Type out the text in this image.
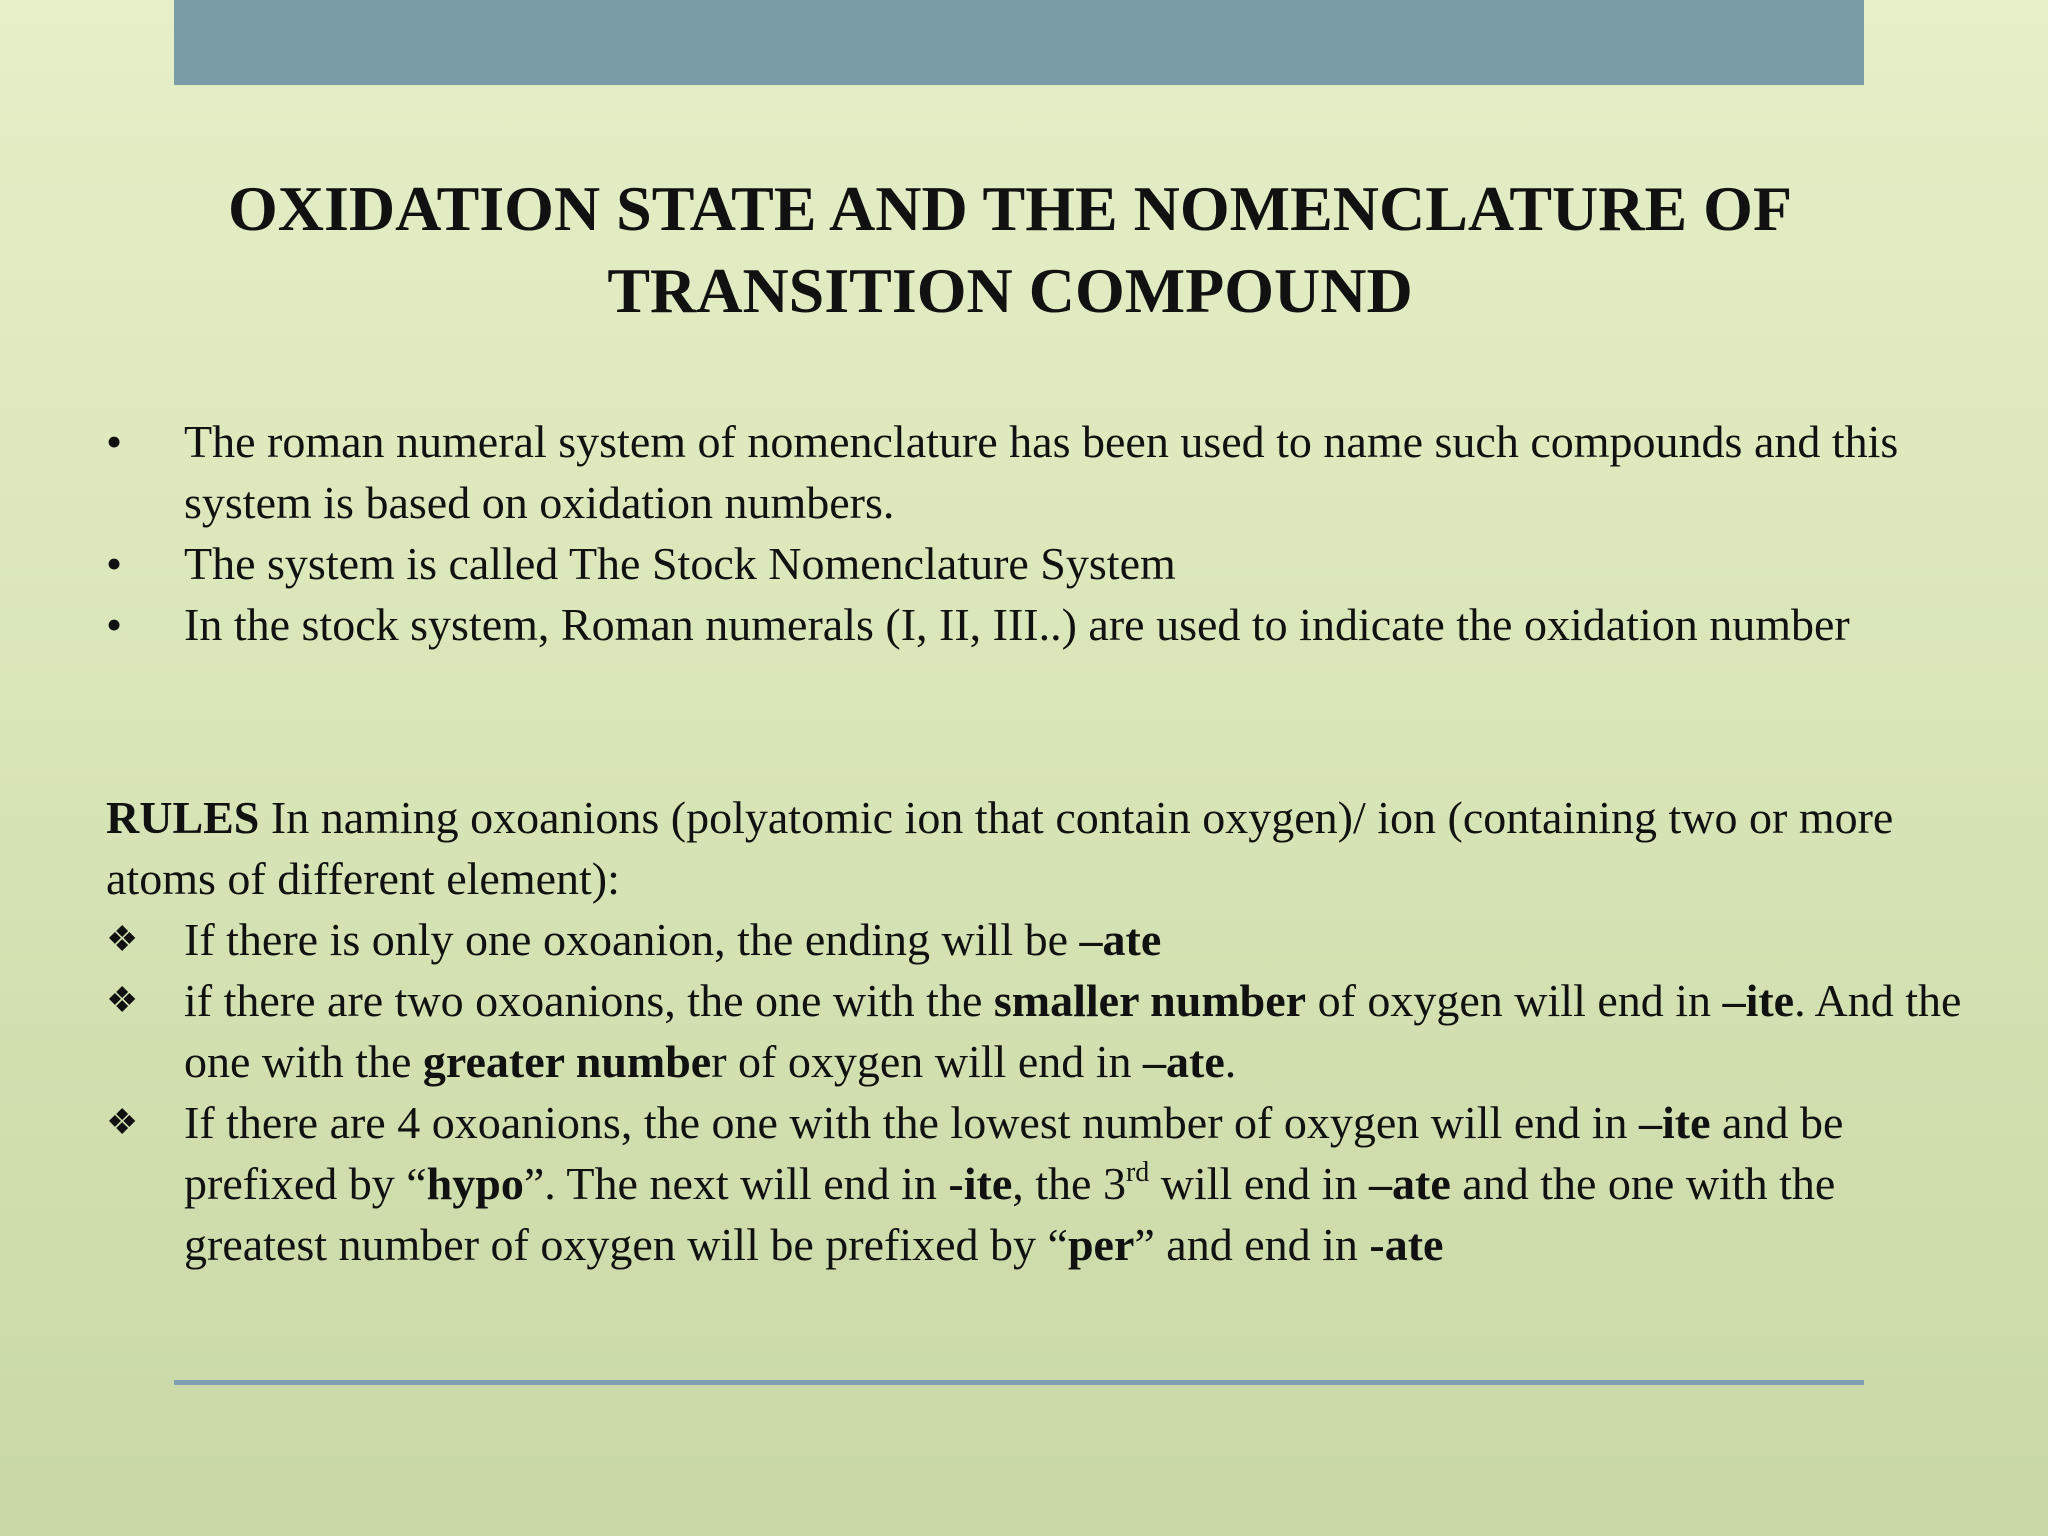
OXIDATION STATE AND THE NOMENCLATURE OF
TRANSITION COMPOUND
•	The roman numeral system of nomenclature has been used to name such compounds and this system is based on oxidation numbers.
•	The system is called The Stock Nomenclature System
•	In the stock system, Roman numerals (I, II, III..) are used to indicate the oxidation number
RULES In naming oxoanions (polyatomic ion that contain oxygen)/ ion (containing two or more atoms of different element):
❖ If there is only one oxoanion, the ending will be –ate
❖ if there are two oxoanions, the one with the smaller number of oxygen will end in –ite. And the one with the greater number of oxygen will end in –ate.
❖ If there are 4 oxoanions, the one with the lowest number of oxygen will end in –ite and be prefixed by “hypo”. The next will end in -ite, the 3rd will end in –ate and the one with the greatest number of oxygen will be prefixed by “per” and end in -ate
